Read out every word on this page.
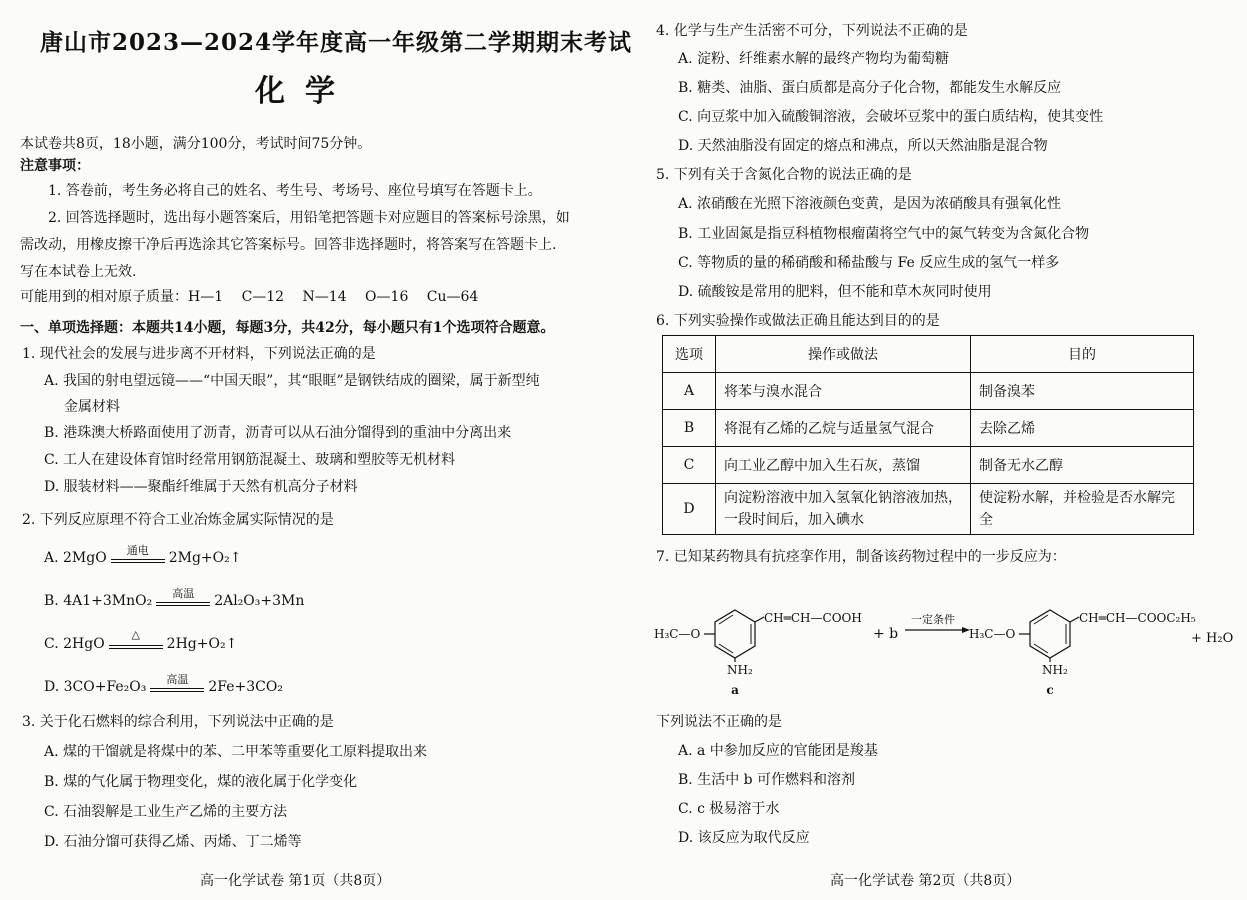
唐山市2023—2024学年度高一年级第二学期期末考试
化学
本试卷共8页，18小题，满分100分，考试时间75分钟。
注意事项：
1. 答卷前，考生务必将自己的姓名、考生号、考场号、座位号填写在答题卡上。
2. 回答选择题时，选出每小题答案后，用铅笔把答题卡对应题目的答案标号涂黑，如
需改动，用橡皮擦干净后再选涂其它答案标号。回答非选择题时，将答案写在答题卡上.
写在本试卷上无效.
可能用到的相对原子质量：H—1　 C—12　 N—14　 O—16　 Cu—64
一、单项选择题：本题共14小题，每题3分，共42分，每小题只有1个选项符合题意。
1. 现代社会的发展与进步离不开材料，下列说法正确的是
A. 我国的射电望远镜——“中国天眼”，其“眼眶”是钢铁结成的圈梁，属于新型纯
金属材料
B. 港珠澳大桥路面使用了沥青，沥青可以从石油分馏得到的重油中分离出来
C. 工人在建设体育馆时经常用钢筋混凝土、玻璃和塑胶等无机材料
D. 服装材料——聚酯纤维属于天然有机高分子材料
2. 下列反应原理不符合工业冶炼金属实际情况的是
A. 2MgO	通电	2Mg+O₂↑
B. 4A1+3MnO₂	高温	2Al₂O₃+3Mn
C. 2HgO
△
2Hg+O₂↑
D. 3CO+Fe₂O₃	高温	2Fe+3CO₂
3. 关于化石燃料的综合利用，下列说法中正确的是
A. 煤的干馏就是将煤中的苯、二甲苯等重要化工原料提取出来
B. 煤的气化属于物理变化，煤的液化属于化学变化
C. 石油裂解是工业生产乙烯的主要方法
D. 石油分馏可获得乙烯、丙烯、丁二烯等
高一化学试卷 第1页（共8页）
4. 化学与生产生活密不可分，下列说法不正确的是
A. 淀粉、纤维素水解的最终产物均为葡萄糖
B. 糖类、油脂、蛋白质都是高分子化合物，都能发生水解反应
C. 向豆浆中加入硫酸铜溶液，会破坏豆浆中的蛋白质结构，使其变性
D. 天然油脂没有固定的熔点和沸点，所以天然油脂是混合物
5. 下列有关于含氮化合物的说法正确的是
A. 浓硝酸在光照下溶液颜色变黄，是因为浓硝酸具有强氧化性
B. 工业固氮是指豆科植物根瘤菌将空气中的氮气转变为含氮化合物
C. 等物质的量的稀硝酸和稀盐酸与 Fe 反应生成的氢气一样多
D. 硫酸铵是常用的肥料，但不能和草木灰同时使用
6. 下列实验操作或做法正确且能达到目的的是
选项	操作或做法	目的
A	将苯与溴水混合	制备溴苯
B	将混有乙烯的乙烷与适量氢气混合	去除乙烯
C	向工业乙醇中加入生石灰，蒸馏	制备无水乙醇
D	向淀粉溶液中加入氢氧化钠溶液加热，
一段时间后，加入碘水	使淀粉水解，并检验是否水解完全
7. 已知某药物具有抗痉挛作用，制备该药物过程中的一步反应为：
CH═CH—COOH
H₃C—O
NH₂
a
+ b
一定条件	CH═CH—COOC₂H₅
H₃C—O
NH₂
c
+ H₂O
下列说法不正确的是
A. a 中参加反应的官能团是羧基
B. 生活中 b 可作燃料和溶剂
C. c 极易溶于水
D. 该反应为取代反应
高一化学试卷 第2页（共8页）
